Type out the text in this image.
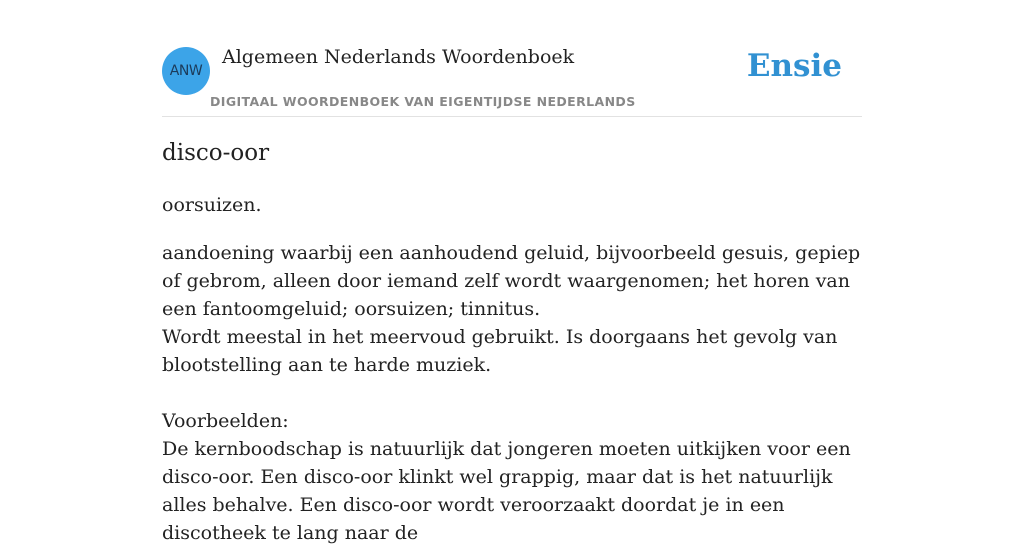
ANW
Algemeen Nederlands Woordenboek
DIGITAAL WOORDENBOEK VAN EIGENTIJDSE NEDERLANDS
Ensie
disco-oor
oorsuizen.

aandoening waarbij een aanhoudend geluid, bijvoorbeeld gesuis, gepiep of gebrom, alleen door iemand zelf wordt waargenomen; het horen van een fantoomgeluid; oorsuizen; tinnitus.

Wordt meestal in het meervoud gebruikt. Is doorgaans het gevolg van blootstelling aan te harde muziek.

Voorbeelden:

De kernboodschap is natuurlijk dat jongeren moeten uitkijken voor een disco-oor. Een disco-oor klinkt wel grappig, maar dat is het natuurlijk alles behalve. Een disco-oor wordt veroorzaakt doordat je in een discotheek te lang naar de
